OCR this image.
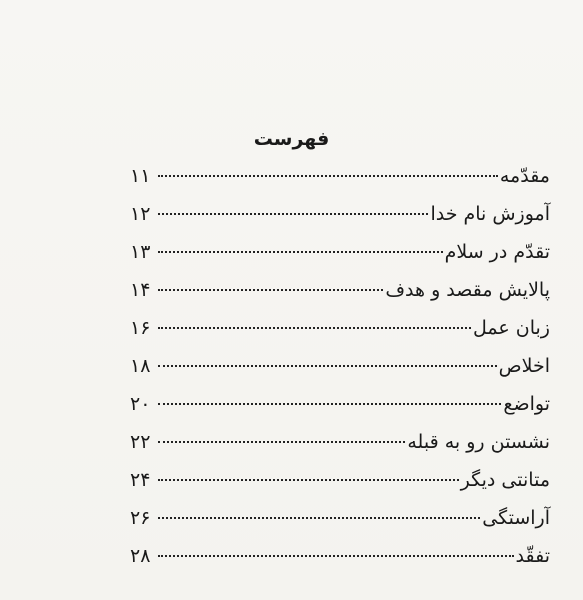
فهرست
مقدّمه
۱۱
آموزش نام خدا
۱۲
تقدّم در سلام
۱۳
پالایش مقصد و هدف
۱۴
زبان عمل
۱۶
اخلاص
۱۸
تواضع
۲۰
نشستن رو به قبله
۲۲
متانتی دیگر
۲۴
آراستگی
۲۶
تفقّد
۲۸
